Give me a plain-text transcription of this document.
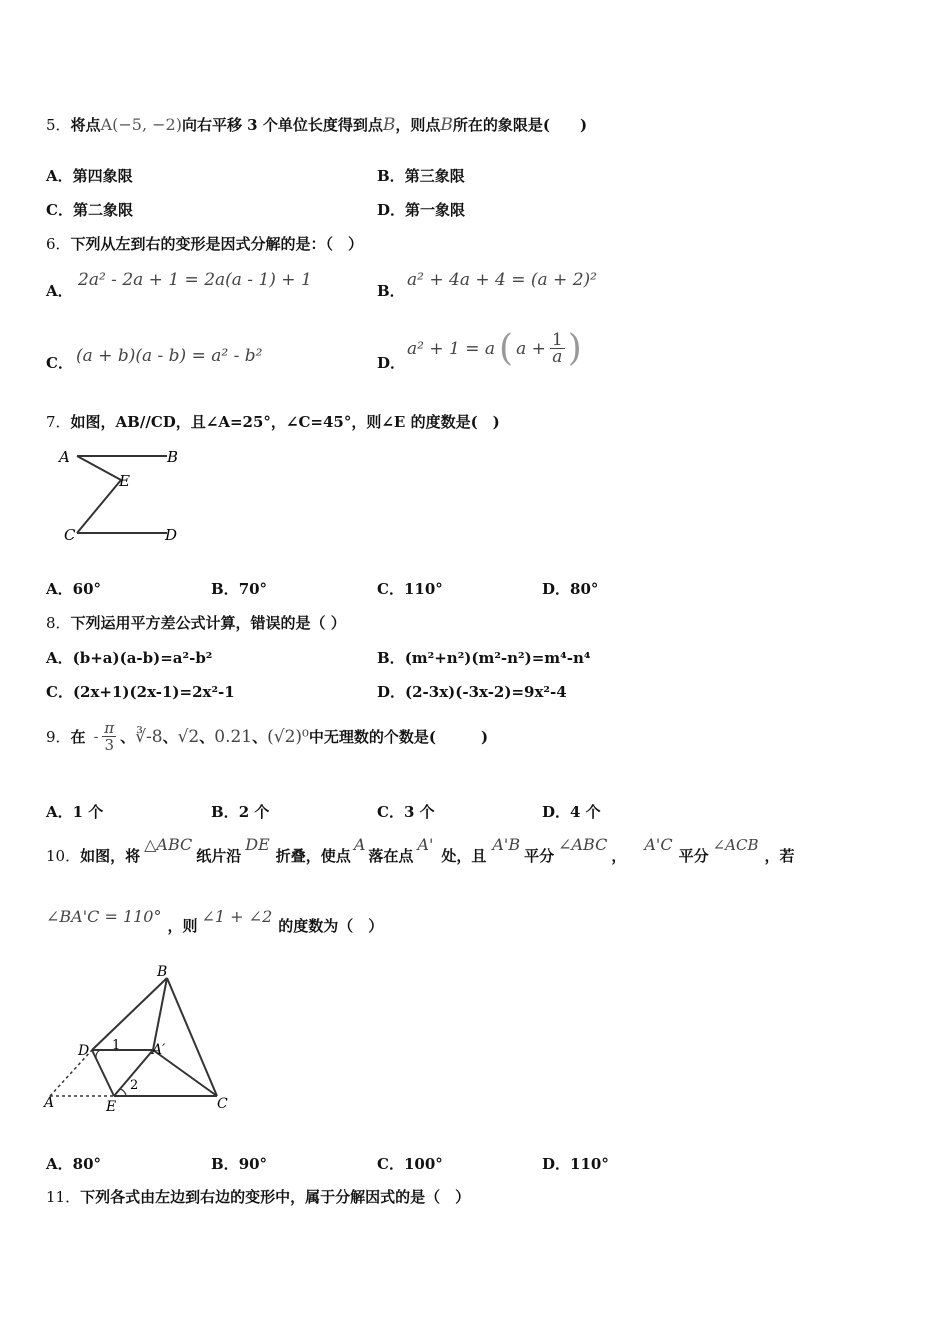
5．将点A(−5, −2)向右平移 3 个单位长度得到点B，则点B所在的象限是(　　)
A．第四象限	B．第三象限
C．第二象限	D．第一象限
6．下列从左到右的变形是因式分解的是：（　）
A．
2a² - 2a + 1 = 2a(a - 1) + 1
B．
a² + 4a + 4 = (a + 2)²
C． (a + b)(a - b) = a² - b²	D．
a² + 1 = a ( $a + \frac{1}{a}$ )
7．如图，AB//CD，且∠A=25°，∠C=45°，则∠E 的度数是(　)
A	B
E
C	D
A．60°	B．70°	C．110°	D．80°
8．下列运用平方差公式计算，错误的是（ ）
A．(b+a)(a-b)=a²-b²	B．(m²+n²)(m²-n²)=m⁴-n⁴
C．(2x+1)(2x-1)=2x²-1	D．(2-3x)(-3x-2)=9x²-4
9． 在 - $\frac{\pi}{3}$ 、 ∛-8 、 √2 、 0.21 、 (√2)⁰ 中无理数的个数是(　　　)
A．1 个	B．2 个	C．3 个	D．4 个
10． 如图，将
△ABC
纸片沿
DE
折叠，使点
A
落在点
A'
处，且
A'B
平分
∠ABC
，
A'C
平分
∠ACB
，若
∠BA'C = 110° ，则 ∠1 + ∠2 的度数为（　）
B
D 1 A′
2
A	E	C
A．80°	B．90°	C．100°	D．110°
11．下列各式由左边到右边的变形中，属于分解因式的是（　）
